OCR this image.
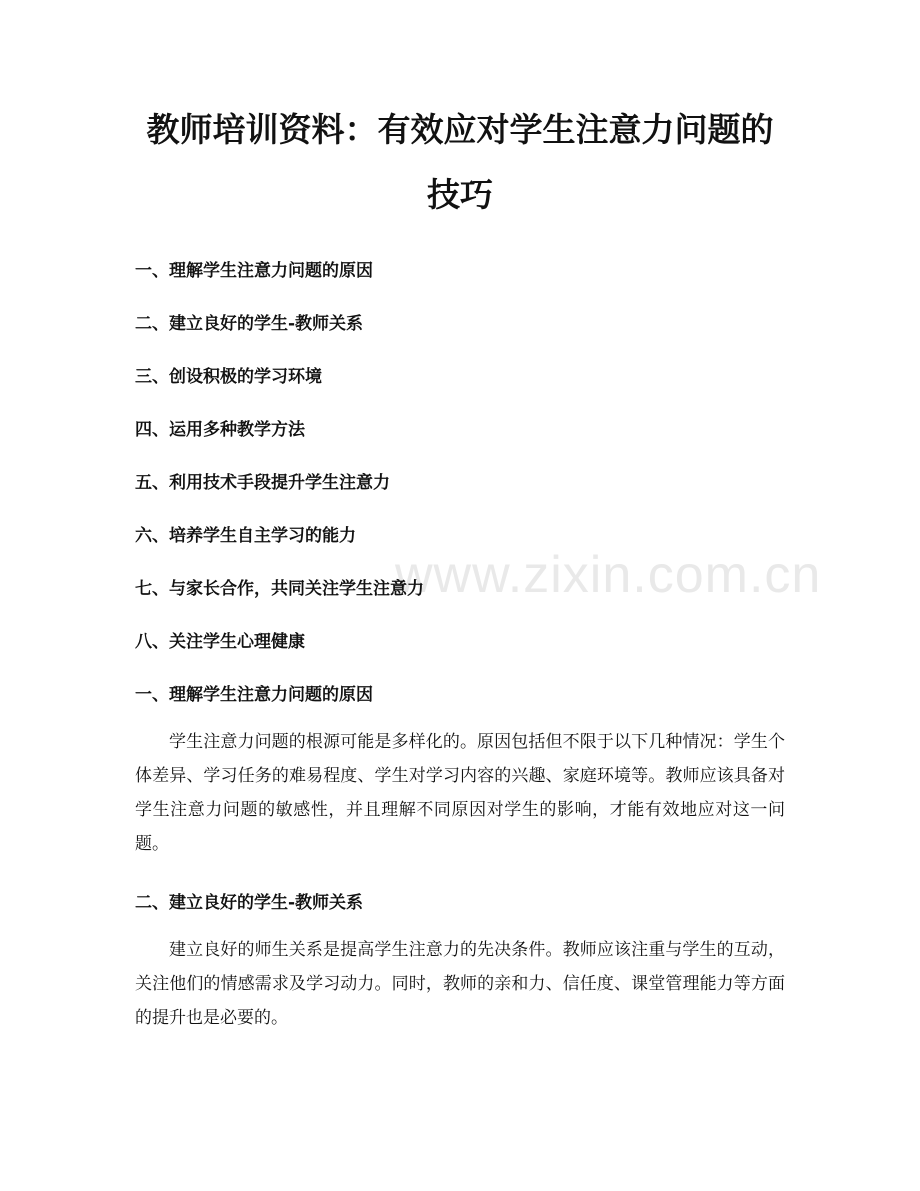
www.zixin.com.cn
教师培训资料：有效应对学生注意力问题的
技巧

一、理解学生注意力问题的原因

二、建立良好的学生-教师关系

三、创设积极的学习环境

四、运用多种教学方法

五、利用技术手段提升学生注意力

六、培养学生自主学习的能力

七、与家长合作，共同关注学生注意力

八、关注学生心理健康

一、理解学生注意力问题的原因

学生注意力问题的根源可能是多样化的。原因包括但不限于以下几种情况：学生个体差异、学习任务的难易程度、学生对学习内容的兴趣、家庭环境等。教师应该具备对学生注意力问题的敏感性，并且理解不同原因对学生的影响，才能有效地应对这一问题。

二、建立良好的学生-教师关系

建立良好的师生关系是提高学生注意力的先决条件。教师应该注重与学生的互动，关注他们的情感需求及学习动力。同时，教师的亲和力、信任度、课堂管理能力等方面的提升也是必要的。
